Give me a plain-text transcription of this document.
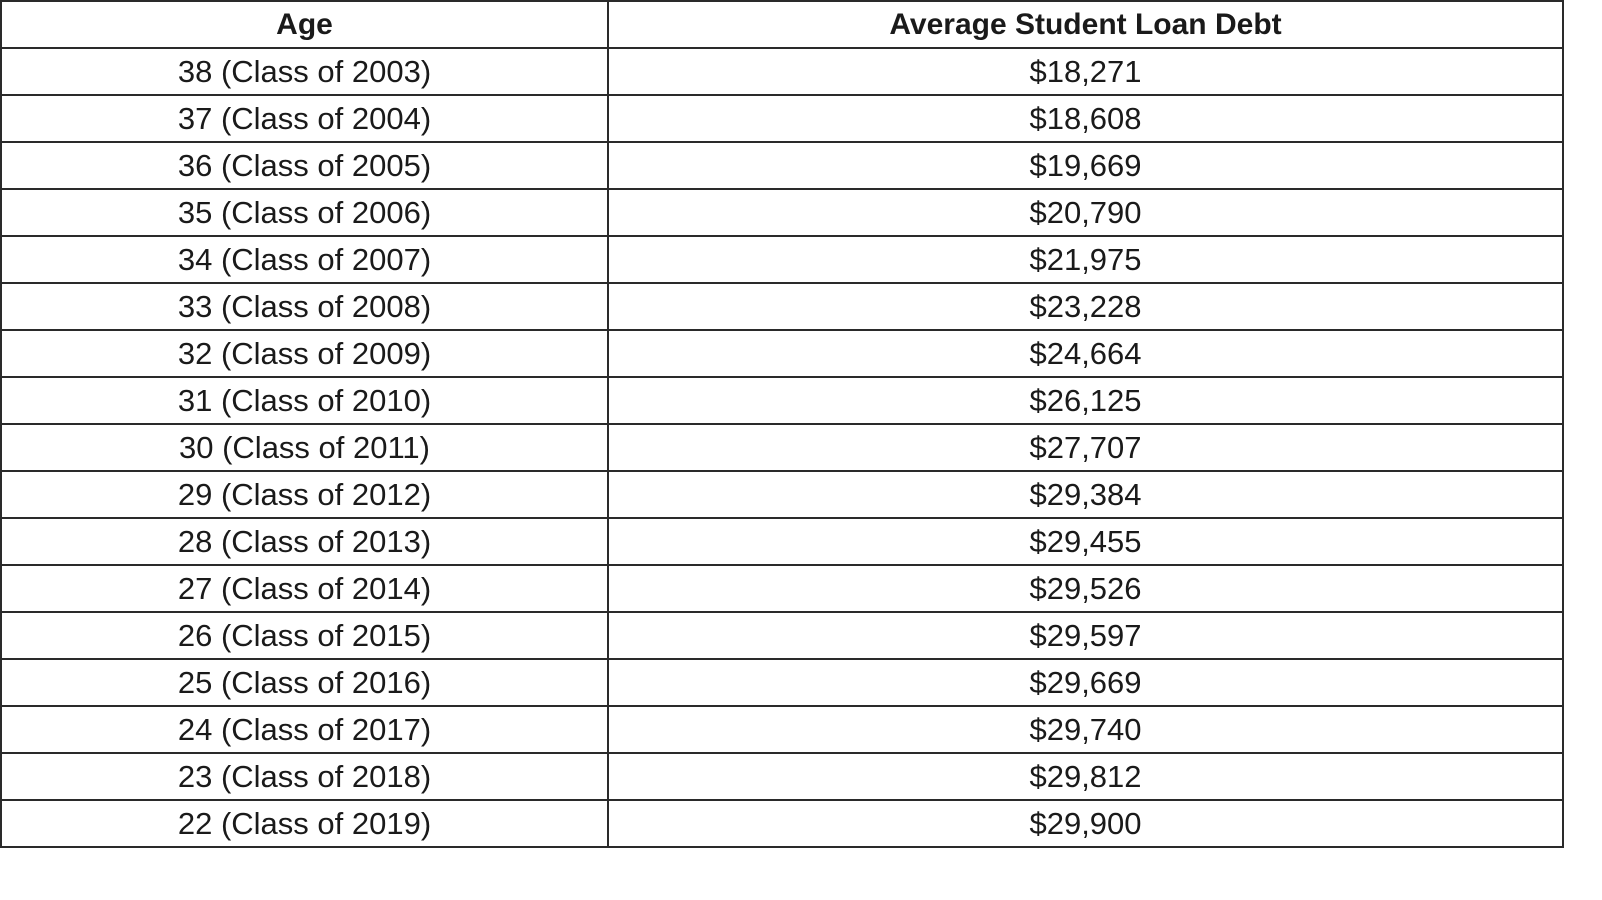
Age	Average Student Loan Debt
38 (Class of 2003)	$18,271
37 (Class of 2004)	$18,608
36 (Class of 2005)	$19,669
35 (Class of 2006)	$20,790
34 (Class of 2007)	$21,975
33 (Class of 2008)	$23,228
32 (Class of 2009)	$24,664
31 (Class of 2010)	$26,125
30 (Class of 2011)	$27,707
29 (Class of 2012)	$29,384
28 (Class of 2013)	$29,455
27 (Class of 2014)	$29,526
26 (Class of 2015)	$29,597
25 (Class of 2016)	$29,669
24 (Class of 2017)	$29,740
23 (Class of 2018)	$29,812
22 (Class of 2019)	$29,900
